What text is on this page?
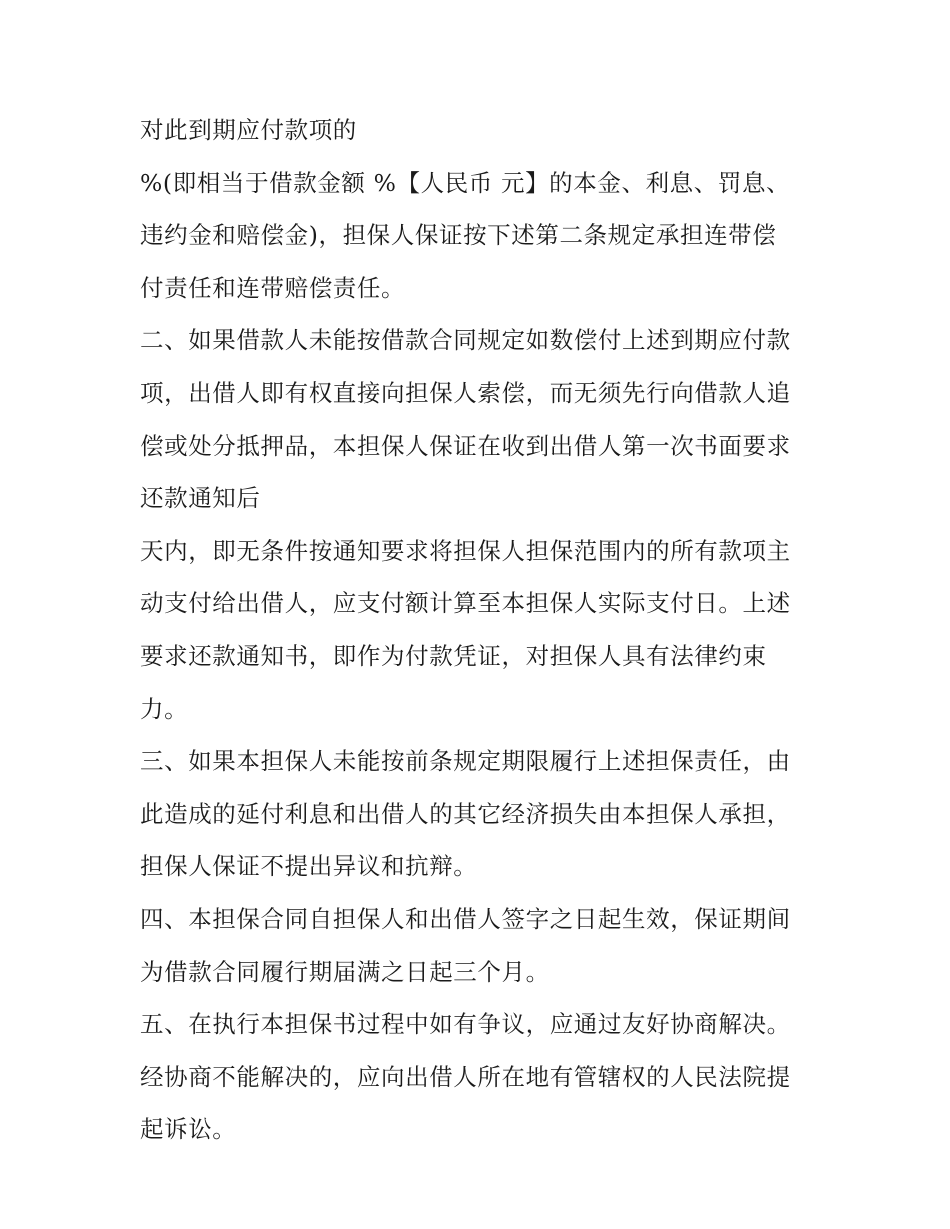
对此到期应付款项的
%(即相当于借款金额 %【人民币 元】的本金、利息、罚息、
违约金和赔偿金)，担保人保证按下述第二条规定承担连带偿
付责任和连带赔偿责任。
二、如果借款人未能按借款合同规定如数偿付上述到期应付款
项，出借人即有权直接向担保人索偿，而无须先行向借款人追
偿或处分抵押品，本担保人保证在收到出借人第一次书面要求
还款通知后
天内，即无条件按通知要求将担保人担保范围内的所有款项主
动支付给出借人，应支付额计算至本担保人实际支付日。上述
要求还款通知书，即作为付款凭证，对担保人具有法律约束
力。
三、如果本担保人未能按前条规定期限履行上述担保责任，由
此造成的延付利息和出借人的其它经济损失由本担保人承担，
担保人保证不提出异议和抗辩。
四、本担保合同自担保人和出借人签字之日起生效，保证期间
为借款合同履行期届满之日起三个月。
五、在执行本担保书过程中如有争议，应通过友好协商解决。
经协商不能解决的，应向出借人所在地有管辖权的人民法院提
起诉讼。
